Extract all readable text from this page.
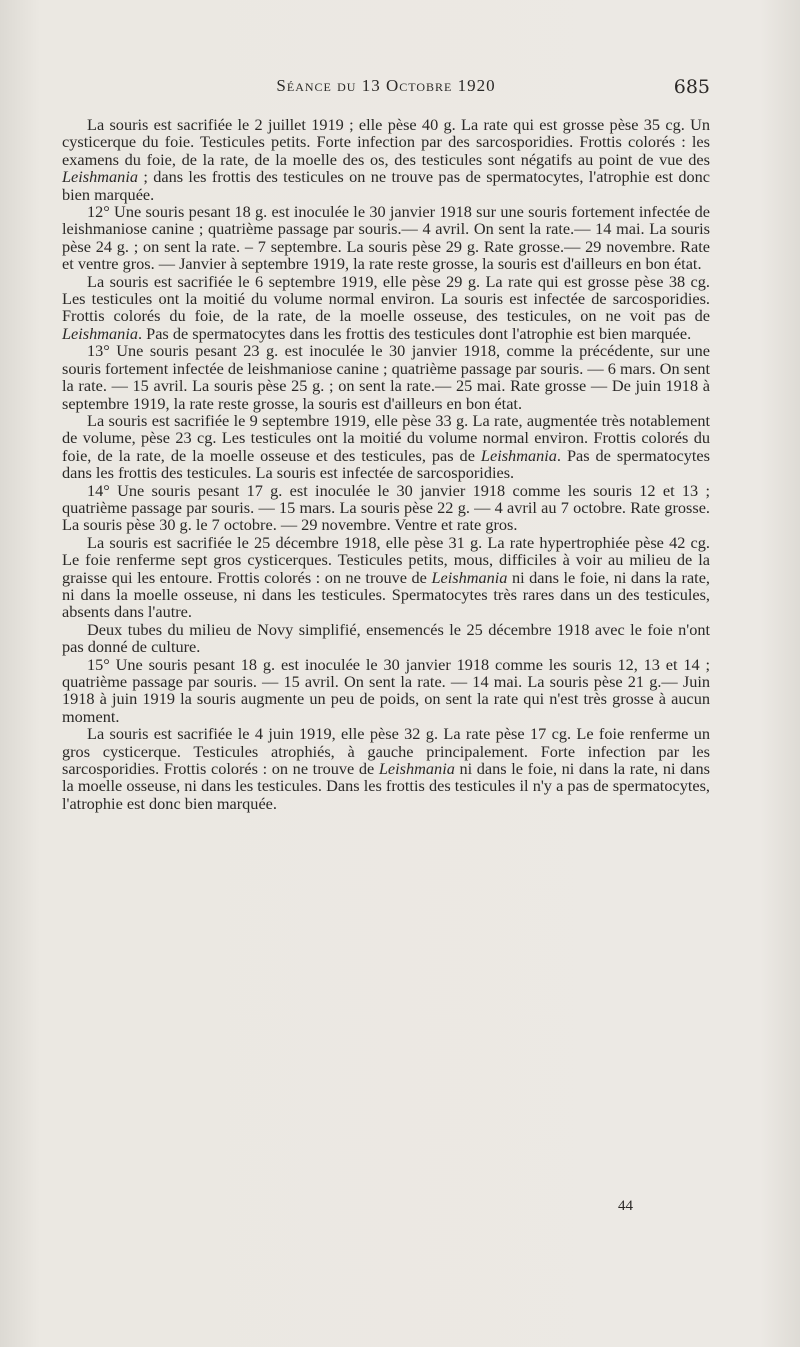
Séance du 13 Octobre 1920	685

La souris est sacrifiée le 2 juillet 1919 ; elle pèse 40 g. La rate qui est grosse pèse 35 cg. Un cysticerque du foie. Testicules petits. Forte infection par des sarcosporidies. Frottis colorés : les examens du foie, de la rate, de la moelle des os, des testicules sont négatifs au point de vue des Leishmania ; dans les frottis des testicules on ne trouve pas de spermatocytes, l'atrophie est donc bien marquée.

12° Une souris pesant 18 g. est inoculée le 30 janvier 1918 sur une souris fortement infectée de leishmaniose canine ; quatrième passage par souris.— 4 avril. On sent la rate.— 14 mai. La souris pèse 24 g. ; on sent la rate. – 7 septembre. La souris pèse 29 g. Rate grosse.— 29 novembre. Rate et ventre gros. — Janvier à septembre 1919, la rate reste grosse, la souris est d'ailleurs en bon état.

La souris est sacrifiée le 6 septembre 1919, elle pèse 29 g. La rate qui est grosse pèse 38 cg. Les testicules ont la moitié du volume normal environ. La souris est infectée de sarcosporidies. Frottis colorés du foie, de la rate, de la moelle osseuse, des testicules, on ne voit pas de Leishmania. Pas de spermatocytes dans les frottis des testicules dont l'atrophie est bien marquée.

13° Une souris pesant 23 g. est inoculée le 30 janvier 1918, comme la précédente, sur une souris fortement infectée de leishmaniose canine ; quatrième passage par souris. — 6 mars. On sent la rate. — 15 avril. La souris pèse 25 g. ; on sent la rate.— 25 mai. Rate grosse — De juin 1918 à septembre 1919, la rate reste grosse, la souris est d'ailleurs en bon état.

La souris est sacrifiée le 9 septembre 1919, elle pèse 33 g. La rate, augmentée très notablement de volume, pèse 23 cg. Les testicules ont la moitié du volume normal environ. Frottis colorés du foie, de la rate, de la moelle osseuse et des testicules, pas de Leishmania. Pas de spermatocytes dans les frottis des testicules. La souris est infectée de sarcosporidies.

14° Une souris pesant 17 g. est inoculée le 30 janvier 1918 comme les souris 12 et 13 ; quatrième passage par souris. — 15 mars. La souris pèse 22 g. — 4 avril au 7 octobre. Rate grosse. La souris pèse 30 g. le 7 octobre. — 29 novembre. Ventre et rate gros.

La souris est sacrifiée le 25 décembre 1918, elle pèse 31 g. La rate hypertrophiée pèse 42 cg. Le foie renferme sept gros cysticerques. Testicules petits, mous, difficiles à voir au milieu de la graisse qui les entoure. Frottis colorés : on ne trouve de Leishmania ni dans le foie, ni dans la rate, ni dans la moelle osseuse, ni dans les testicules. Spermatocytes très rares dans un des testicules, absents dans l'autre.

Deux tubes du milieu de Novy simplifié, ensemencés le 25 décembre 1918 avec le foie n'ont pas donné de culture.

15° Une souris pesant 18 g. est inoculée le 30 janvier 1918 comme les souris 12, 13 et 14 ; quatrième passage par souris. — 15 avril. On sent la rate. — 14 mai. La souris pèse 21 g.— Juin 1918 à juin 1919 la souris augmente un peu de poids, on sent la rate qui n'est très grosse à aucun moment.

La souris est sacrifiée le 4 juin 1919, elle pèse 32 g. La rate pèse 17 cg. Le foie renferme un gros cysticerque. Testicules atrophiés, à gauche principalement. Forte infection par les sarcosporidies. Frottis colorés : on ne trouve de Leishmania ni dans le foie, ni dans la rate, ni dans la moelle osseuse, ni dans les testicules. Dans les frottis des testicules il n'y a pas de spermatocytes, l'atrophie est donc bien marquée.

44
